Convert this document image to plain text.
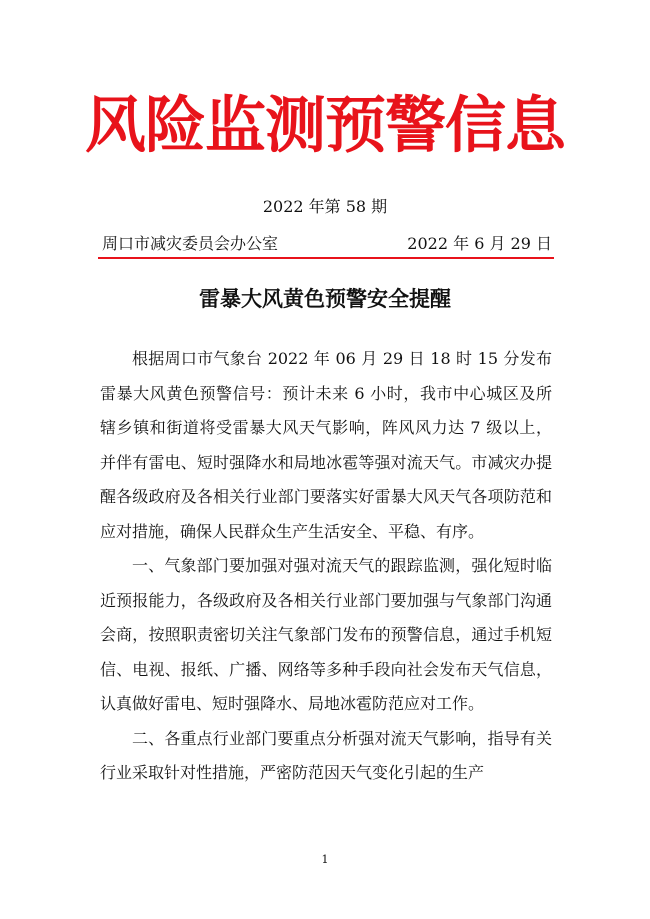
风险监测预警信息
2022 年第 58 期
周口市减灾委员会办公室	2022 年 6 月 29 日
雷暴大风黄色预警安全提醒

根据周口市气象台 2022 年 06 月 29 日 18 时 15 分发布雷暴大风黄色预警信号：预计未来 6 小时，我市中心城区及所辖乡镇和街道将受雷暴大风天气影响，阵风风力达 7 级以上，并伴有雷电、短时强降水和局地冰雹等强对流天气。市减灾办提醒各级政府及各相关行业部门要落实好雷暴大风天气各项防范和应对措施，确保人民群众生产生活安全、平稳、有序。

一、气象部门要加强对强对流天气的跟踪监测，强化短时临近预报能力，各级政府及各相关行业部门要加强与气象部门沟通会商，按照职责密切关注气象部门发布的预警信息，通过手机短信、电视、报纸、广播、网络等多种手段向社会发布天气信息，认真做好雷电、短时强降水、局地冰雹防范应对工作。

二、各重点行业部门要重点分析强对流天气影响，指导有关行业采取针对性措施，严密防范因天气变化引起的生产

1
